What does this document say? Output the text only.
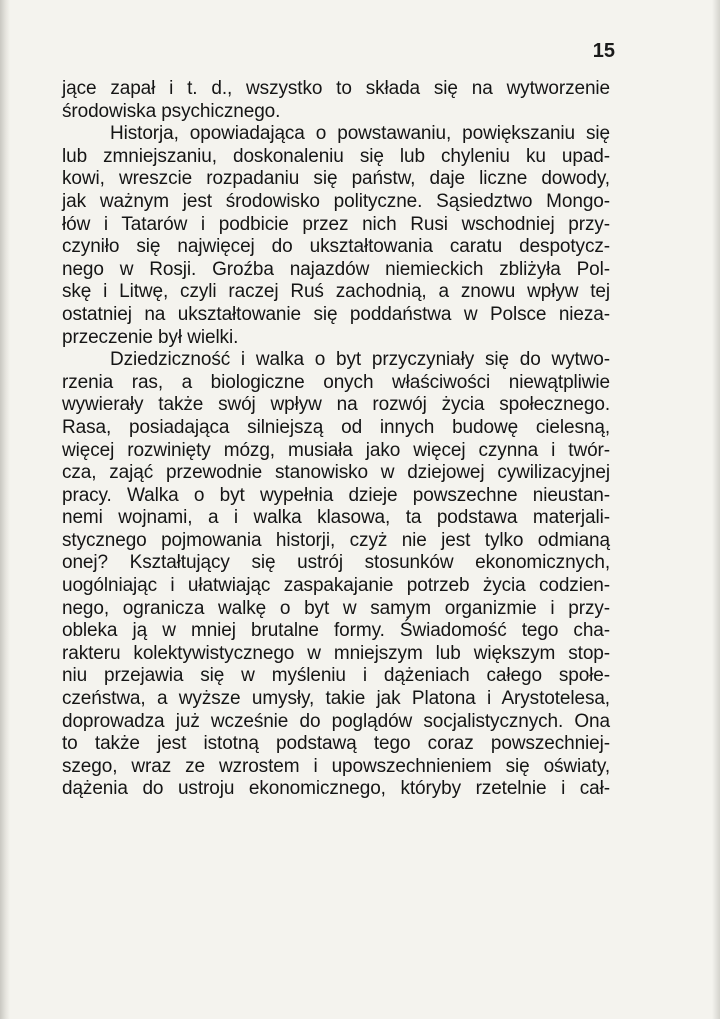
15
jące zapał i t. d., wszystko to składa się na wytworzenie
środowiska psychicznego.
Historja, opowiadająca o powstawaniu, powiększaniu się
lub zmniejszaniu, doskonaleniu się lub chyleniu ku upad-
kowi, wreszcie rozpadaniu się państw, daje liczne dowody,
jak ważnym jest środowisko polityczne. Sąsiedztwo Mongo-
łów i Tatarów i podbicie przez nich Rusi wschodniej przy-
czyniło się najwięcej do ukształtowania caratu despotycz-
nego w Rosji. Groźba najazdów niemieckich zbliżyła Pol-
skę i Litwę, czyli raczej Ruś zachodnią, a znowu wpływ tej
ostatniej na ukształtowanie się poddaństwa w Polsce nieza-
przeczenie był wielki.
Dziedziczność i walka o byt przyczyniały się do wytwo-
rzenia ras, a biologiczne onych właściwości niewątpliwie
wywierały także swój wpływ na rozwój życia społecznego.
Rasa, posiadająca silniejszą od innych budowę cielesną,
więcej rozwinięty mózg, musiała jako więcej czynna i twór-
cza, zająć przewodnie stanowisko w dziejowej cywilizacyjnej
pracy. Walka o byt wypełnia dzieje powszechne nieustan-
nemi wojnami, a i walka klasowa, ta podstawa materjali-
stycznego pojmowania historji, czyż nie jest tylko odmianą
onej? Kształtujący się ustrój stosunków ekonomicznych,
uogólniając i ułatwiając zaspakajanie potrzeb życia codzien-
nego, ogranicza walkę o byt w samym organizmie i przy-
obleka ją w mniej brutalne formy. Świadomość tego cha-
rakteru kolektywistycznego w mniejszym lub większym stop-
niu przejawia się w myśleniu i dążeniach całego społe-
czeństwa, a wyższe umysły, takie jak Platona i Arystotelesa,
doprowadza już wcześnie do poglądów socjalistycznych. Ona
to także jest istotną podstawą tego coraz powszechniej-
szego, wraz ze wzrostem i upowszechnieniem się oświaty,
dążenia do ustroju ekonomicznego, któryby rzetelnie i cał-
